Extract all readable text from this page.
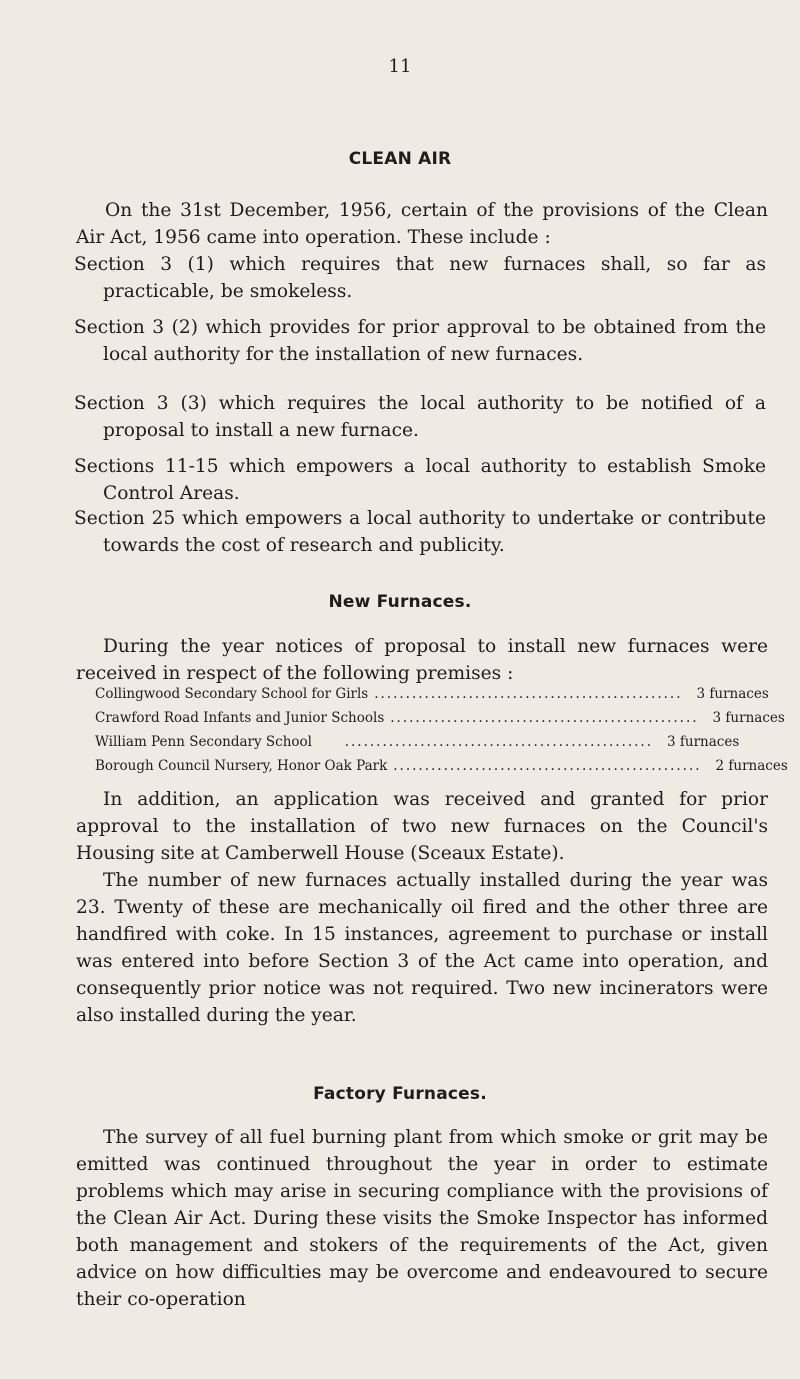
11
CLEAN AIR
On the 31st December, 1956, certain of the provisions of the Clean Air Act, 1956 came into operation. These include :
Section 3 (1) which requires that new furnaces shall, so far as practicable, be smokeless.
Section 3 (2) which provides for prior approval to be obtained from the local authority for the installation of new furnaces.
Section 3 (3) which requires the local authority to be notified of a proposal to install a new furnace.
Sections 11-15 which empowers a local authority to establish Smoke Control Areas.
Section 25 which empowers a local authority to undertake or contribute towards the cost of research and publicity.
New Furnaces.
During the year notices of proposal to install new furnaces were received in respect of the following premises :
Collingwood Secondary School for Girls .................................................	3 furnaces
Crawford Road Infants and Junior Schools .................................................	3 furnaces
William Penn Secondary School	.................................................	3 furnaces
Borough Council Nursery, Honor Oak Park .................................................	2 furnaces
In addition, an application was received and granted for prior approval to the installation of two new furnaces on the Council's Housing site at Camberwell House (Sceaux Estate).
The number of new furnaces actually installed during the year was 23. Twenty of these are mechanically oil fired and the other three are handfired with coke. In 15 instances, agreement to purchase or install was entered into before Section 3 of the Act came into operation, and consequently prior notice was not required. Two new incinerators were also installed during the year.
Factory Furnaces.
The survey of all fuel burning plant from which smoke or grit may be emitted was continued throughout the year in order to estimate problems which may arise in securing compliance with the provisions of the Clean Air Act. During these visits the Smoke Inspector has informed both management and stokers of the requirements of the Act, given advice on how difficulties may be overcome and endeavoured to secure their co-operation
